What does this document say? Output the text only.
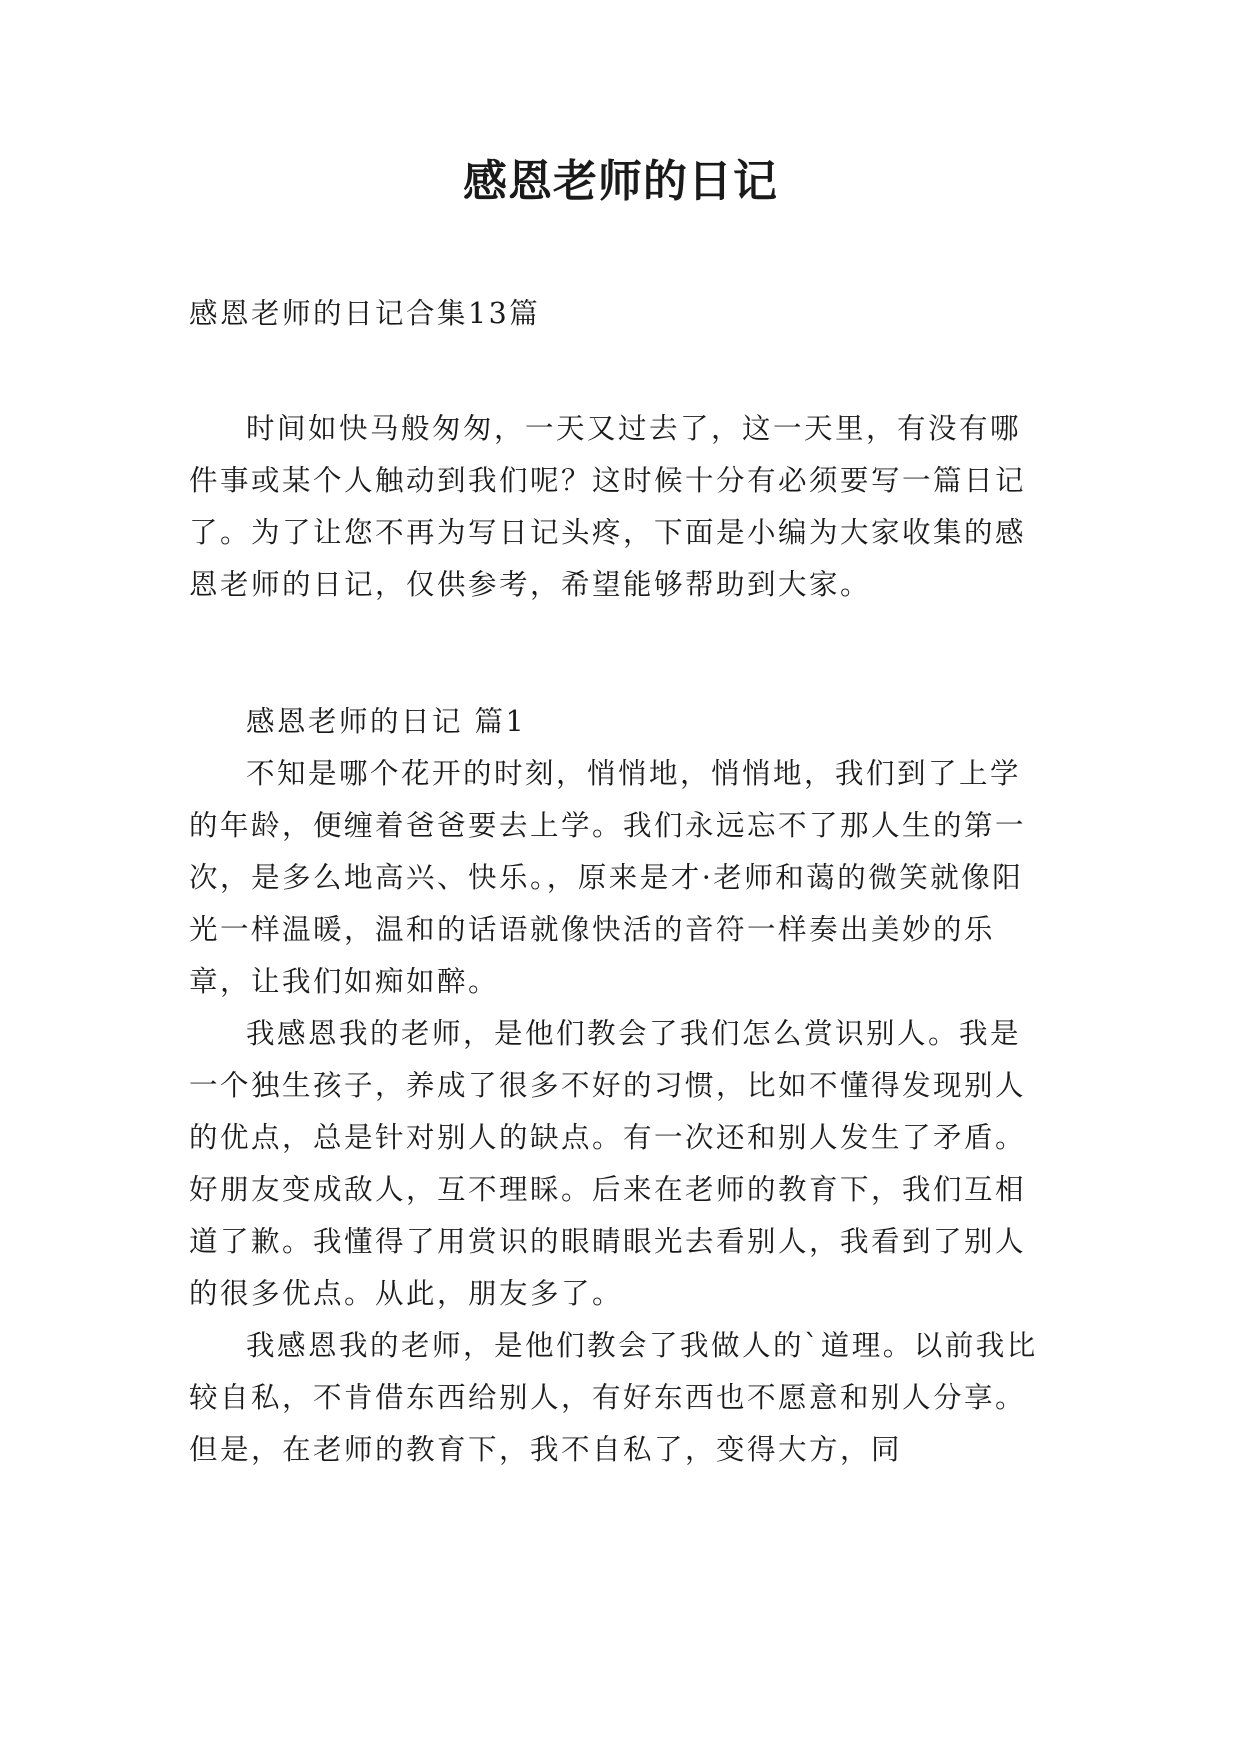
感恩老师的日记
感恩老师的日记合集13篇

时间如快马般匆匆，一天又过去了，这一天里，有没有哪件事或某个人触动到我们呢？这时候十分有必须要写一篇日记了。为了让您不再为写日记头疼，下面是小编为大家收集的感恩老师的日记，仅供参考，希望能够帮助到大家。

感恩老师的日记 篇1

不知是哪个花开的时刻，悄悄地，悄悄地，我们到了上学的年龄，便缠着爸爸要去上学。我们永远忘不了那人生的第一次，是多么地高兴、快乐。，原来是才·老师和蔼的微笑就像阳光一样温暖，温和的话语就像快活的音符一样奏出美妙的乐章，让我们如痴如醉。

我感恩我的老师，是他们教会了我们怎么赏识别人。我是一个独生孩子，养成了很多不好的习惯，比如不懂得发现别人的优点，总是针对别人的缺点。有一次还和别人发生了矛盾。好朋友变成敌人，互不理睬。后来在老师的教育下，我们互相道了歉。我懂得了用赏识的眼睛眼光去看别人，我看到了别人的很多优点。从此，朋友多了。

我感恩我的老师，是他们教会了我做人的`道理。以前我比较自私，不肯借东西给别人，有好东西也不愿意和别人分享。但是，在老师的教育下，我不自私了，变得大方，同
